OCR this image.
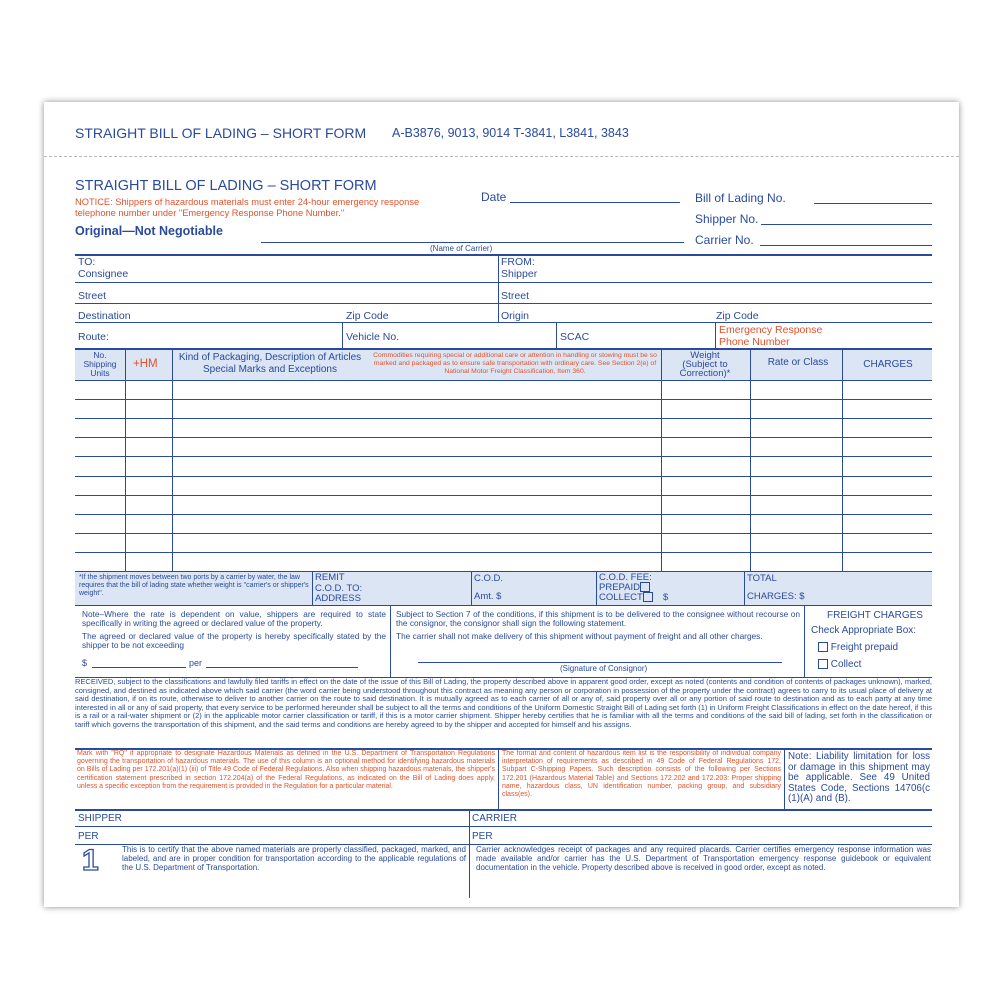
STRAIGHT BILL OF LADING – SHORT FORM A-B3876, 9013, 9014 T-3841, L3841, 3843
STRAIGHT BILL OF LADING – SHORT FORM
NOTICE: Shippers of hazardous materials must enter 24-hour emergency response telephone number under "Emergency Response Phone Number."
Original—Not Negotiable
Date	Bill of Lading No.
Shipper No.
Carrier No.
(Name of Carrier)
TO:
Consignee
FROM:
Shipper
Street	Street
Destination	Zip Code	Origin	Zip Code
Route:	Vehicle No.	SCAC
Emergency Response
Phone Number
No. Shipping Units
+HM
Kind of Packaging, Description of Articles Special Marks and Exceptions
Commodities requiring special or additional care or attention in handling or stowing must be so marked and packaged as to ensure safe transportation with ordinary care. See Section 2(e) of National Motor Freight Classification, Item 360.
Weight (Subject to Correction)*
Rate or Class	CHARGES
*If the shipment moves between two ports by a carrier by water, the law requires that the bill of lading state whether weight is "carrier's or shipper's weight".
REMIT
C.O.D. TO:
ADDRESS
C.O.D.
Amt. $
C.O.D. FEE:
PREPAID
COLLECT	$
TOTAL
CHARGES: $
Note–Where the rate is dependent on value, shippers are required to state specifically in writing the agreed or declared value of the property.
The agreed or declared value of the property is hereby specifically stated by the shipper to be not exceeding
$	per
Subject to Section 7 of the conditions, if this shipment is to be delivered to the consignee without recourse on the consignor, the consignor shall sign the following statement.
The carrier shall not make delivery of this shipment without payment of freight and all other charges.
(Signature of Consignor)
FREIGHT CHARGES
Check Appropriate Box:
Freight prepaid
Collect
RECEIVED, subject to the classifications and lawfully filed tariffs in effect on the date of the issue of this Bill of Lading, the property described above in apparent good order, except as noted (contents and condition of contents of packages unknown), marked, consigned, and destined as indicated above which said carrier (the word carrier being understood throughout this contract as meaning any person or corporation in possession of the property under the contract) agrees to carry to its usual place of delivery at said destination, if on its route, otherwise to deliver to another carrier on the route to said destination. It is mutually agreed as to each carrier of all or any of, said property over all or any portion of said route to destination and as to each party at any time interested in all or any of said property, that every service to be performed hereunder shall be subject to all the terms and conditions of the Uniform Domestic Straight Bill of Lading set forth (1) in Uniform Freight Classifications in effect on the date hereof, if this is a rail or a rail-water shipment or (2) in the applicable motor carrier classification or tariff, if this is a motor carrier shipment. Shipper hereby certifies that he is familiar with all the terms and conditions of the said bill of lading, set forth in the classification or tariff which governs the transportation of this shipment, and the said terms and conditions are hereby agreed to by the shipper and accepted for himself and his assigns.
Mark with "RQ" if appropriate to designate Hazardous Materials as defined in the U.S. Department of Transportation Regulations governing the transportation of hazardous materials. The use of this column is an optional method for identifying hazardous materials on Bills of Lading per 172.201(a)(1) (iii) of Title 49 Code of Federal Regulations. Also when shipping hazardous materials, the shipper's certification statement prescribed in section 172.204(a) of the Federal Regulations, as indicated on the Bill of Lading does apply, unless a specific exception from the requirement is provided in the Regulation for a particular material.
The format and content of hazardous item list is the responsibility of individual company interpretation of requirements as described in 49 Code of Federal Regulations 172, Subpart C-Shipping Papers. Such description consists of the following per Sections 172.201 (Hazardous Material Table) and Sections 172.202 and 172.203: Proper shipping name, hazardous class, UN identification number, packing group, and subsidiary class(es).
Note: Liability limitation for loss or damage in this shipment may be applicable. See 49 United States Code, Sections 14706(c (1)(A) and (B).
SHIPPER	CARRIER
PER	PER
1	This is to certify that the above named materials are properly classified, packaged, marked, and labeled, and are in proper condition for transportation according to the applicable regulations of the U.S. Department of Transportation.
Carrier acknowledges receipt of packages and any required placards. Carrier certifies emergency response information was made available and/or carrier has the U.S. Department of Transportation emergency response guidebook or equivalent documentation in the vehicle. Property described above is received in good order, except as noted.
